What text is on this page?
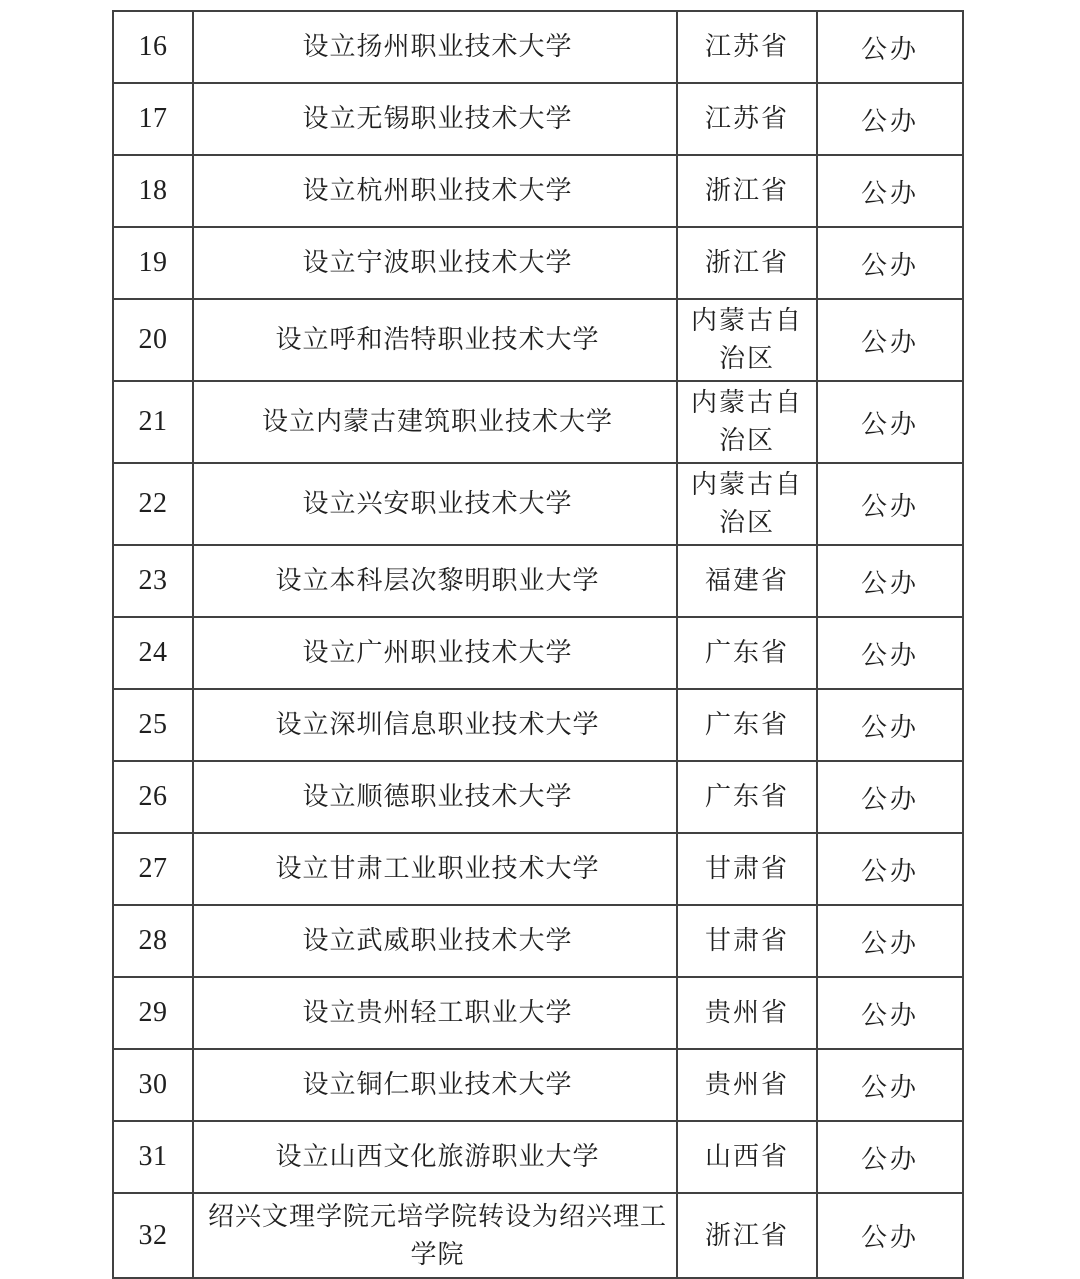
16	设立扬州职业技术大学	江苏省	公办
17	设立无锡职业技术大学	江苏省	公办
18	设立杭州职业技术大学	浙江省	公办
19	设立宁波职业技术大学	浙江省	公办
20	设立呼和浩特职业技术大学	内蒙古自治区	公办
21	设立内蒙古建筑职业技术大学	内蒙古自治区	公办
22	设立兴安职业技术大学	内蒙古自治区	公办
23	设立本科层次黎明职业大学	福建省	公办
24	设立广州职业技术大学	广东省	公办
25	设立深圳信息职业技术大学	广东省	公办
26	设立顺德职业技术大学	广东省	公办
27	设立甘肃工业职业技术大学	甘肃省	公办
28	设立武威职业技术大学	甘肃省	公办
29	设立贵州轻工职业大学	贵州省	公办
30	设立铜仁职业技术大学	贵州省	公办
31	设立山西文化旅游职业大学	山西省	公办
32	绍兴文理学院元培学院转设为绍兴理工学院	浙江省	公办
